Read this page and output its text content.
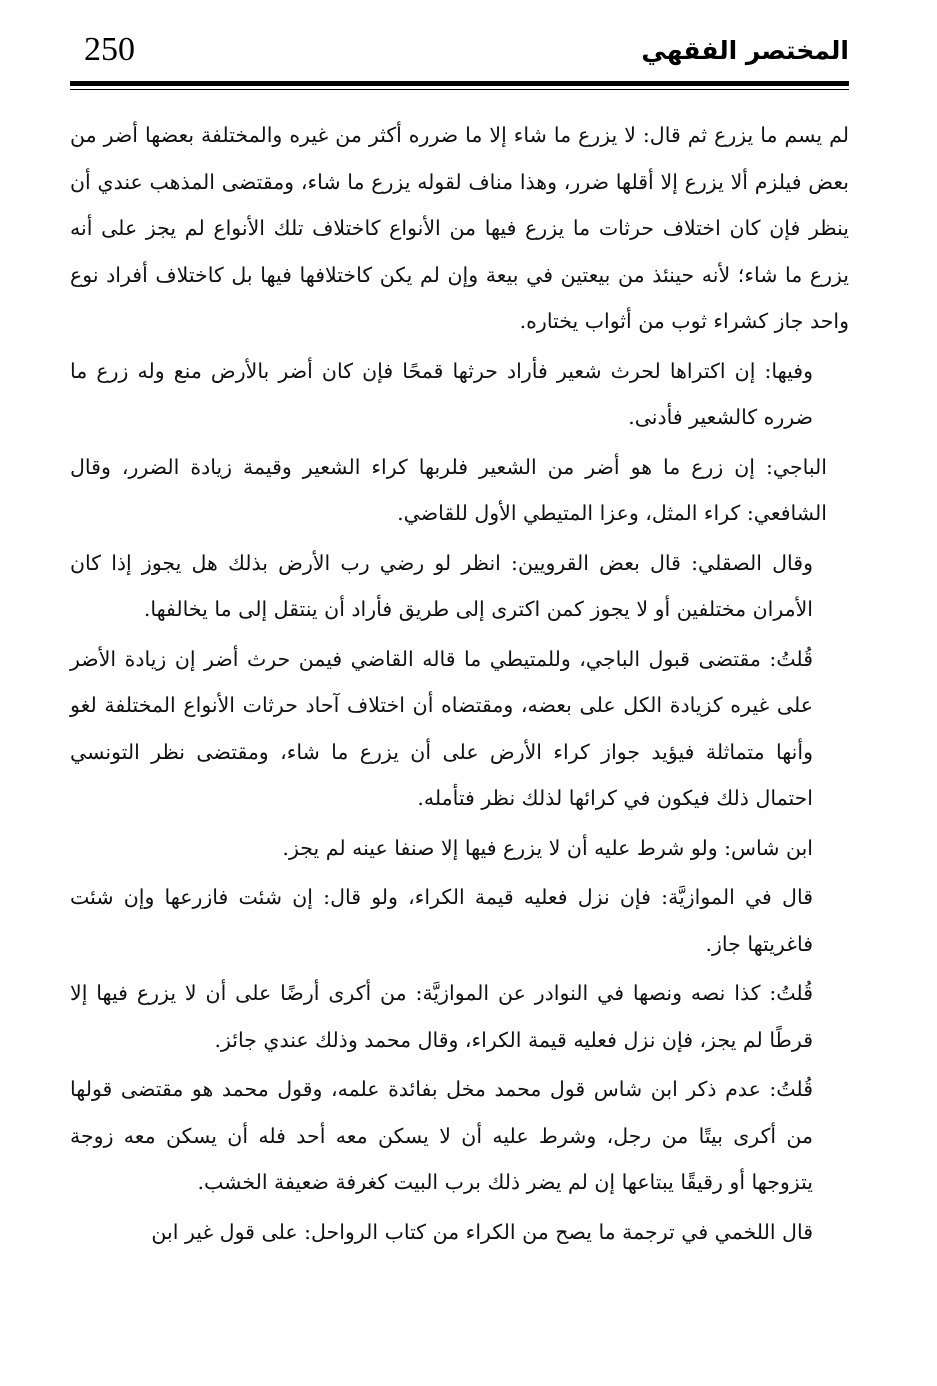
250	المختصر الفقهي

لم يسم ما يزرع ثم قال: لا يزرع ما شاء إلا ما ضرره أكثر من غيره والمختلفة بعضها أضر من بعض فيلزم ألا يزرع إلا أقلها ضرر، وهذا مناف لقوله يزرع ما شاء، ومقتضى المذهب عندي أن ينظر فإن كان اختلاف حرثات ما يزرع فيها من الأنواع كاختلاف تلك الأنواع لم يجز على أنه يزرع ما شاء؛ لأنه حينئذ من بيعتين في بيعة وإن لم يكن كاختلافها فيها بل كاختلاف أفراد نوع واحد جاز كشراء ثوب من أثواب يختاره.

وفيها: إن اكتراها لحرث شعير فأراد حرثها قمحًا فإن كان أضر بالأرض منع وله زرع ما ضرره كالشعير فأدنى.

الباجي: إن زرع ما هو أضر من الشعير فلربها كراء الشعير وقيمة زيادة الضرر، وقال الشافعي: كراء المثل، وعزا المتيطي الأول للقاضي.

وقال الصقلي: قال بعض القرويين: انظر لو رضي رب الأرض بذلك هل يجوز إذا كان الأمران مختلفين أو لا يجوز كمن اكترى إلى طريق فأراد أن ينتقل إلى ما يخالفها.

قُلتُ: مقتضى قبول الباجي، وللمتيطي ما قاله القاضي فيمن حرث أضر إن زيادة الأضر على غيره كزيادة الكل على بعضه، ومقتضاه أن اختلاف آحاد حرثات الأنواع المختلفة لغو وأنها متماثلة فيؤيد جواز كراء الأرض على أن يزرع ما شاء، ومقتضى نظر التونسي احتمال ذلك فيكون في كرائها لذلك نظر فتأمله.

ابن شاس: ولو شرط عليه أن لا يزرع فيها إلا صنفا عينه لم يجز.

قال في الموازيَّة: فإن نزل فعليه قيمة الكراء، ولو قال: إن شئت فازرعها وإن شئت فاغريتها جاز.

قُلتُ: كذا نصه ونصها في النوادر عن الموازيَّة: من أكرى أرضًا على أن لا يزرع فيها إلا قرطًا لم يجز، فإن نزل فعليه قيمة الكراء، وقال محمد وذلك عندي جائز.

قُلتُ: عدم ذكر ابن شاس قول محمد مخل بفائدة علمه، وقول محمد هو مقتضى قولها من أكرى بيتًا من رجل، وشرط عليه أن لا يسكن معه أحد فله أن يسكن معه زوجة يتزوجها أو رقيقًا يبتاعها إن لم يضر ذلك برب البيت كغرفة ضعيفة الخشب.

قال اللخمي في ترجمة ما يصح من الكراء من كتاب الرواحل: على قول غير ابن
